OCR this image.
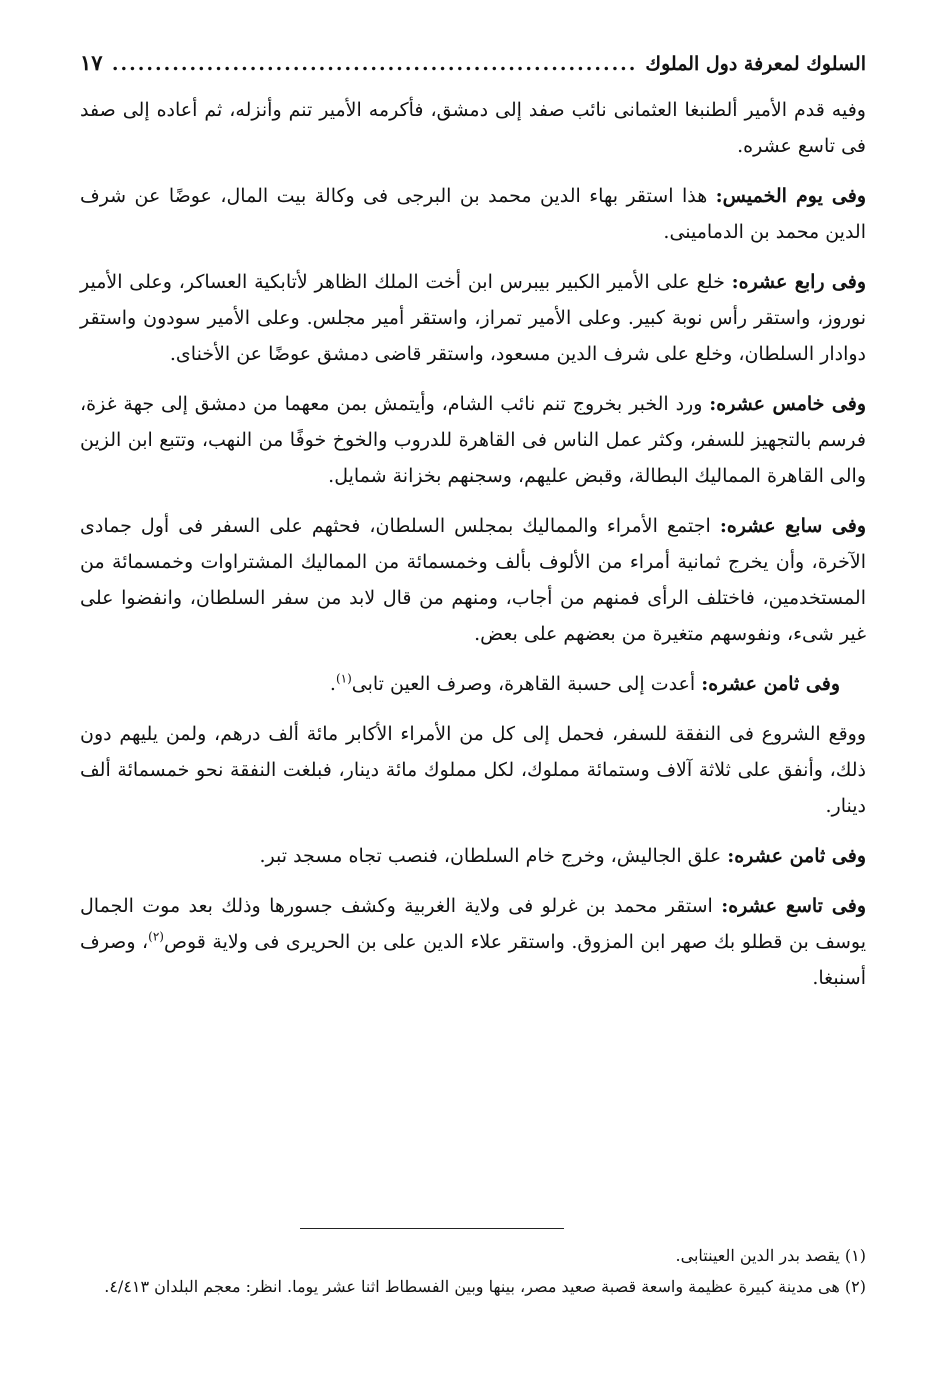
السلوك لمعرفة دول الملوك
.....
١٧

وفيه قدم الأمير ألطنبغا العثمانى نائب صفد إلى دمشق، فأكرمه الأمير تنم وأنزله، ثم أعاده إلى صفد فى تاسع عشره.

وفى يوم الخميس: هذا استقر بهاء الدين محمد بن البرجى فى وكالة بيت المال، عوضًا عن شرف الدين محمد بن الدمامينى.

وفى رابع عشره: خلع على الأمير الكبير بيبرس ابن أخت الملك الظاهر لأتابكية العساكر، وعلى الأمير نوروز، واستقر رأس نوبة كبير. وعلى الأمير تمراز، واستقر أمير مجلس. وعلى الأمير سودون واستقر دوادار السلطان، وخلع على شرف الدين مسعود، واستقر قاضى دمشق عوضًا عن الأخناى.

وفى خامس عشره: ورد الخبر بخروج تنم نائب الشام، وأيتمش بمن معهما من دمشق إلى جهة غزة، فرسم بالتجهيز للسفر، وكثر عمل الناس فى القاهرة للدروب والخوخ خوفًا من النهب، وتتبع ابن الزين والى القاهرة المماليك البطالة، وقبض عليهم، وسجنهم بخزانة شمايل.

وفى سابع عشره: اجتمع الأمراء والمماليك بمجلس السلطان، فحثهم على السفر فى أول جمادى الآخرة، وأن يخرج ثمانية أمراء من الألوف بألف وخمسمائة من المماليك المشتراوات وخمسمائة من المستخدمين، فاختلف الرأى فمنهم من أجاب، ومنهم من قال لابد من سفر السلطان، وانفضوا على غير شىء، ونفوسهم متغيرة من بعضهم على بعض.

وفى ثامن عشره: أعدت إلى حسبة القاهرة، وصرف العين تابى$^{(١)}$.

ووقع الشروع فى النفقة للسفر، فحمل إلى كل من الأمراء الأكابر مائة ألف درهم، ولمن يليهم دون ذلك، وأنفق على ثلاثة آلاف وستمائة مملوك، لكل مملوك مائة دينار، فبلغت النفقة نحو خمسمائة ألف دينار.

وفى ثامن عشره: علق الجاليش، وخرج خام السلطان، فنصب تجاه مسجد تبر.

وفى تاسع عشره: استقر محمد بن غرلو فى ولاية الغربية وكشف جسورها وذلك بعد موت الجمال يوسف بن قطلو بك صهر ابن المزوق. واستقر علاء الدين على بن الحريرى فى ولاية قوص$^{(٢)}$، وصرف أسنبغا.

(١) يقصد بدر الدين العينتابى.

(٢) هى مدينة كبيرة عظيمة واسعة قصبة صعيد مصر، بينها وبين الفسطاط اثنا عشر يوما. انظر: معجم البلدان ٤/٤١٣.
